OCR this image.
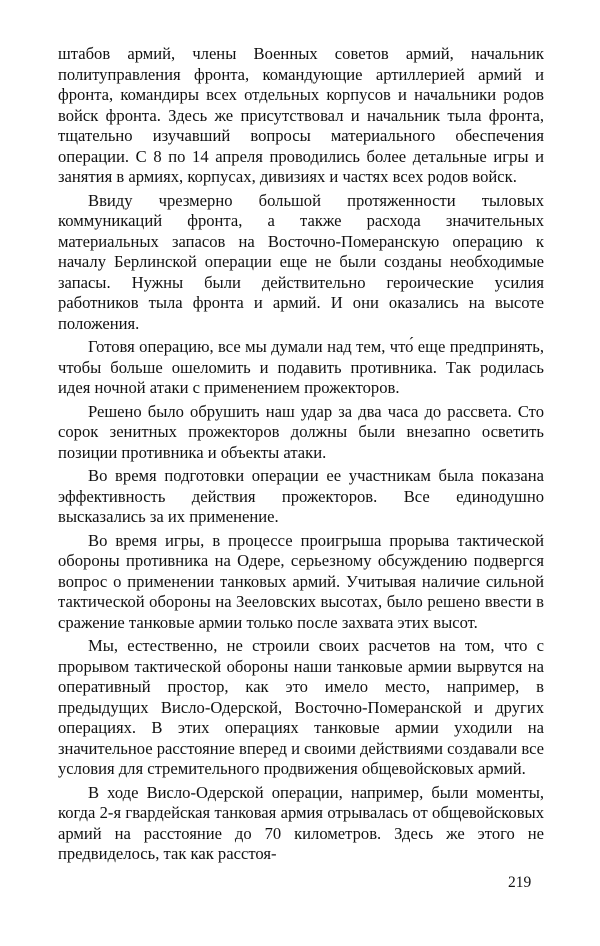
штабов армий, члены Военных советов армий, начальник политуправления фронта, командующие артиллерией армий и фронта, командиры всех отдельных корпусов и начальники родов войск фронта. Здесь же присутствовал и начальник тыла фронта, тщательно изучавший вопросы материального обеспечения операции. С 8 по 14 апреля проводились более детальные игры и занятия в армиях, корпусах, дивизиях и частях всех родов войск.

Ввиду чрезмерно большой протяженности тыловых коммуникаций фронта, а также расхода значительных материальных запасов на Восточно-Померанскую операцию к началу Берлинской операции еще не были созданы необходимые запасы. Нужны были действительно героические усилия работников тыла фронта и армий. И они оказались на высоте положения.

Готовя операцию, все мы думали над тем, что́ еще предпринять, чтобы больше ошеломить и подавить противника. Так родилась идея ночной атаки с применением прожекторов.

Решено было обрушить наш удар за два часа до рассвета. Сто сорок зенитных прожекторов должны были внезапно осветить позиции противника и объекты атаки.

Во время подготовки операции ее участникам была показана эффективность действия прожекторов. Все единодушно высказались за их применение.

Во время игры, в процессе проигрыша прорыва тактической обороны противника на Одере, серьезному обсуждению подвергся вопрос о применении танковых армий. Учитывая наличие сильной тактической обороны на Зееловских высотах, было решено ввести в сражение танковые армии только после захвата этих высот.

Мы, естественно, не строили своих расчетов на том, что с прорывом тактической обороны наши танковые армии вырвутся на оперативный простор, как это имело место, например, в предыдущих Висло-Одерской, Восточно-Померанской и других операциях. В этих операциях танковые армии уходили на значительное расстояние вперед и своими действиями создавали все условия для стремительного продвижения общевойсковых армий.

В ходе Висло-Одерской операции, например, были моменты, когда 2-я гвардейская танковая армия отрывалась от общевойсковых армий на расстояние до 70 километров. Здесь же этого не предвиделось, так как расстоя-

219
